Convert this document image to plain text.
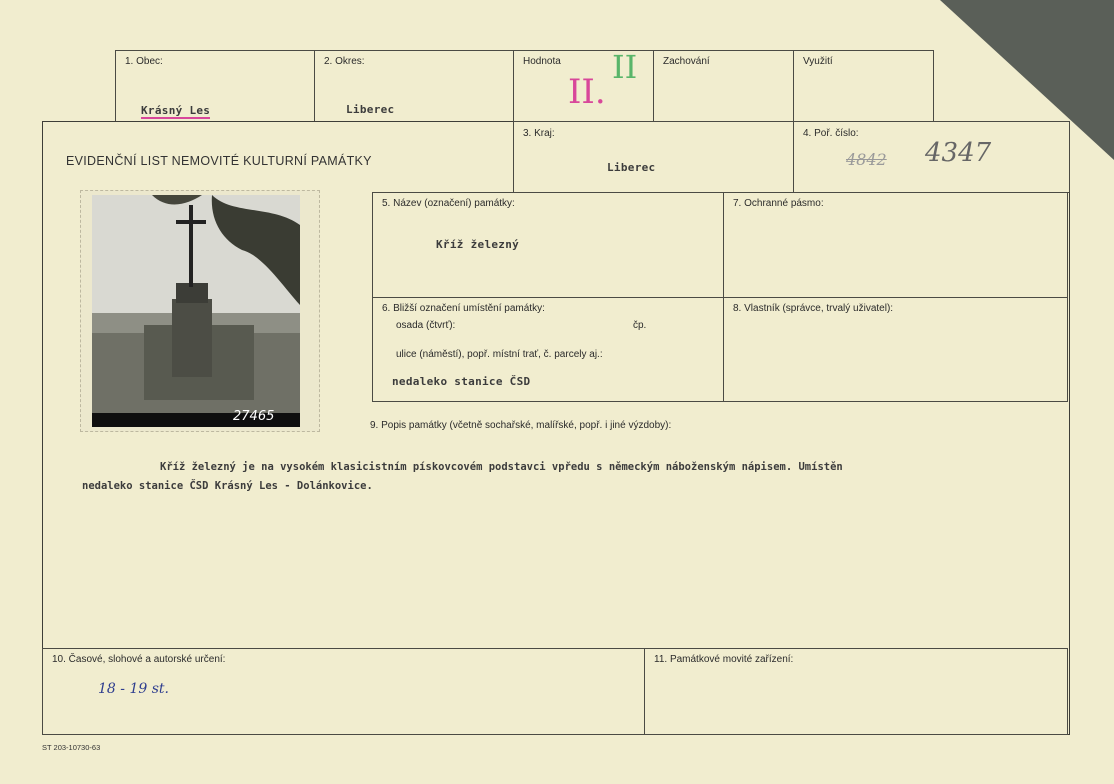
1. Obec:
Krásný Les
2. Okres:
Liberec
Hodnota
II.
II	Zachování	Využití
EVIDENČNÍ LIST NEMOVITÉ KULTURNÍ PAMÁTKY
3. Kraj:
Liberec
4. Poř. číslo:
4842 4347
27465
5. Název (označení) památky:
Kříž železný
7. Ochranné pásmo:
6. Bližší označení umístění památky:
osada (čtvrť):	čp.
ulice (náměstí), popř. místní trať, č. parcely aj.:
nedaleko stanice ČSD
8. Vlastník (správce, trvalý uživatel):
9. Popis památky (včetně sochařské, malířské, popř. i jiné výzdoby):
Kříž železný je na vysokém klasicistním pískovcovém podstavci vpředu s německým náboženským nápisem. Umístěn
nedaleko stanice ČSD Krásný Les - Dolánkovice.
10. Časové, slohové a autorské určení:
18 - 19 st.
11. Památkové movité zařízení:
ST 203-10730-63
